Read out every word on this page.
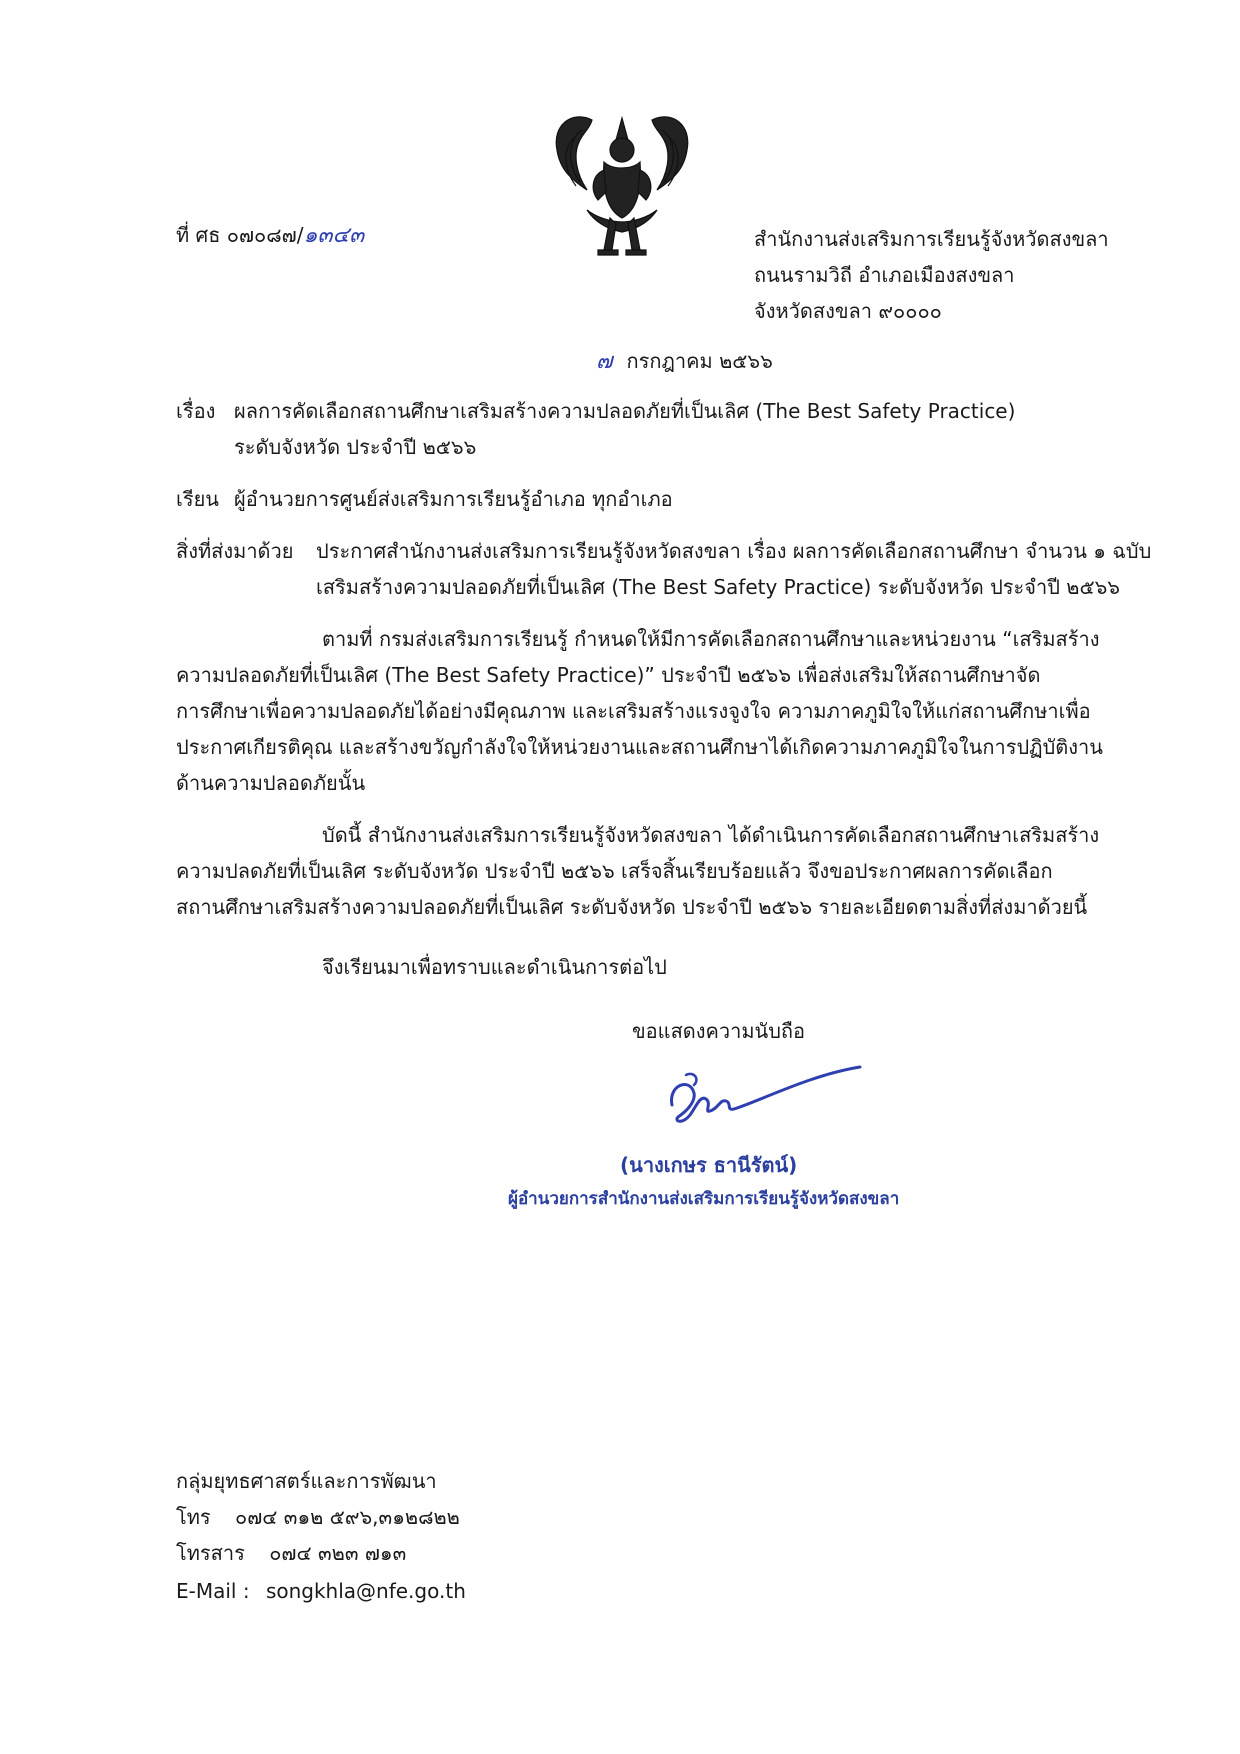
ที่ ศธ ๐๗๐๘๗/๑๓๔๓	สำนักงานส่งเสริมการเรียนรู้จังหวัดสงขลา
ถนนรามวิถี อำเภอเมืองสงขลา
จังหวัดสงขลา ๙๐๐๐๐
๗ กรกฎาคม ๒๕๖๖
เรื่อง ผลการคัดเลือกสถานศึกษาเสริมสร้างความปลอดภัยที่เป็นเลิศ (The Best Safety Practice)
ระดับจังหวัด ประจำปี ๒๕๖๖
เรียน ผู้อำนวยการศูนย์ส่งเสริมการเรียนรู้อำเภอ ทุกอำเภอ
สิ่งที่ส่งมาด้วย ประกาศสำนักงานส่งเสริมการเรียนรู้จังหวัดสงขลา เรื่อง ผลการคัดเลือกสถานศึกษา จำนวน ๑ ฉบับ
เสริมสร้างความปลอดภัยที่เป็นเลิศ (The Best Safety Practice) ระดับจังหวัด ประจำปี ๒๕๖๖
ตามที่ กรมส่งเสริมการเรียนรู้ กำหนดให้มีการคัดเลือกสถานศึกษาและหน่วยงาน “เสริมสร้าง
ความปลอดภัยที่เป็นเลิศ (The Best Safety Practice)” ประจำปี ๒๕๖๖ เพื่อส่งเสริมให้สถานศึกษาจัด
การศึกษาเพื่อความปลอดภัยได้อย่างมีคุณภาพ และเสริมสร้างแรงจูงใจ ความภาคภูมิใจให้แก่สถานศึกษาเพื่อ
ประกาศเกียรติคุณ และสร้างขวัญกำลังใจให้หน่วยงานและสถานศึกษาได้เกิดความภาคภูมิใจในการปฏิบัติงาน
ด้านความปลอดภัยนั้น
บัดนี้ สำนักงานส่งเสริมการเรียนรู้จังหวัดสงขลา ได้ดำเนินการคัดเลือกสถานศึกษาเสริมสร้าง
ความปลดภัยที่เป็นเลิศ ระดับจังหวัด ประจำปี ๒๕๖๖ เสร็จสิ้นเรียบร้อยแล้ว จึงขอประกาศผลการคัดเลือก
สถานศึกษาเสริมสร้างความปลอดภัยที่เป็นเลิศ ระดับจังหวัด ประจำปี ๒๕๖๖ รายละเอียดตามสิ่งที่ส่งมาด้วยนี้
จึงเรียนมาเพื่อทราบและดำเนินการต่อไป
ขอแสดงความนับถือ
(นางเกษร ธานีรัตน์)
ผู้อำนวยการสำนักงานส่งเสริมการเรียนรู้จังหวัดสงขลา
กลุ่มยุทธศาสตร์และการพัฒนา
โทร ๐๗๔ ๓๑๒ ๕๙๖,๓๑๒๘๒๒
โทรสาร ๐๗๔ ๓๒๓ ๗๑๓
E-Mail : songkhla@nfe.go.th
